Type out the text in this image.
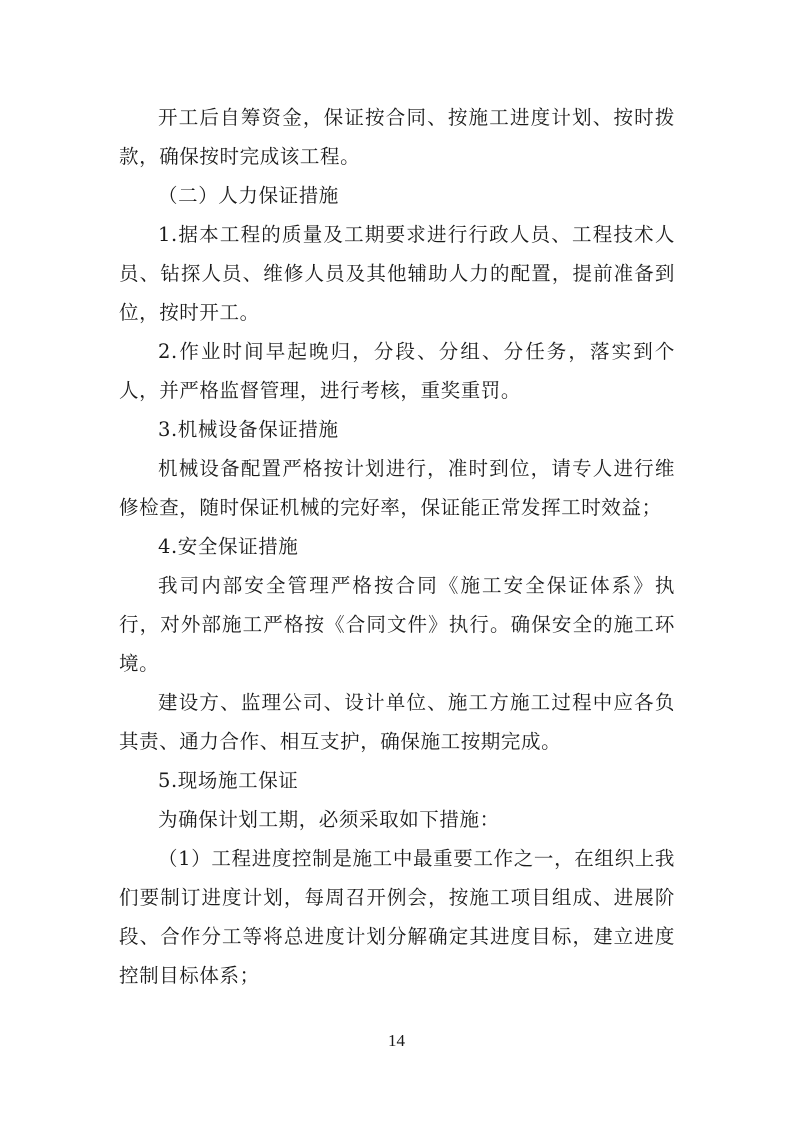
开工后自筹资金，保证按合同、按施工进度计划、按时拨款，确保按时完成该工程。

（二）人力保证措施

1.据本工程的质量及工期要求进行行政人员、工程技术人员、钻探人员、维修人员及其他辅助人力的配置，提前准备到位，按时开工。

2.作业时间早起晚归，分段、分组、分任务，落实到个人，并严格监督管理，进行考核，重奖重罚。

3.机械设备保证措施

机械设备配置严格按计划进行，准时到位，请专人进行维修检查，随时保证机械的完好率，保证能正常发挥工时效益；

4.安全保证措施

我司内部安全管理严格按合同《施工安全保证体系》执行，对外部施工严格按《合同文件》执行。确保安全的施工环境。

建设方、监理公司、设计单位、施工方施工过程中应各负其责、通力合作、相互支护，确保施工按期完成。

5.现场施工保证

为确保计划工期，必须采取如下措施：

（1）工程进度控制是施工中最重要工作之一，在组织上我们要制订进度计划，每周召开例会，按施工项目组成、进展阶段、合作分工等将总进度计划分解确定其进度目标，建立进度控制目标体系；

14
